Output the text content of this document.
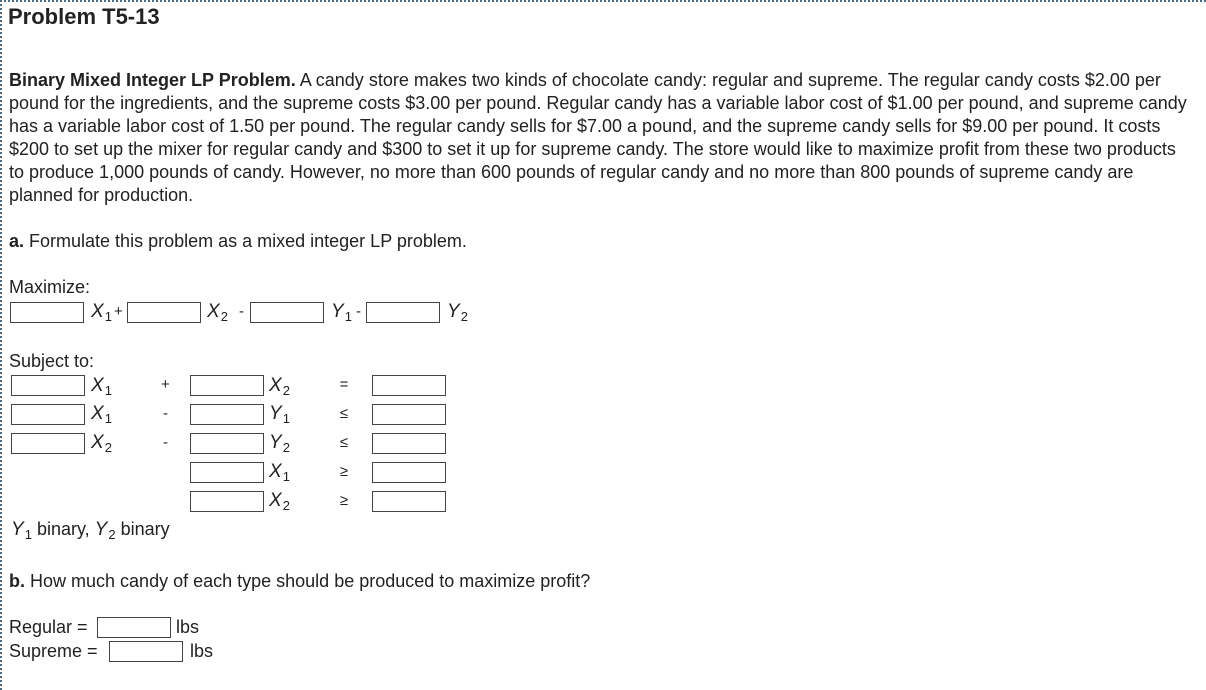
Problem T5-13
Binary Mixed Integer LP Problem. A candy store makes two kinds of chocolate candy: regular and supreme. The regular candy costs $2.00 per pound for the ingredients, and the supreme costs $3.00 per pound. Regular candy has a variable labor cost of $1.00 per pound, and supreme candy has a variable labor cost of 1.50 per pound. The regular candy sells for $7.00 a pound, and the supreme candy sells for $9.00 per pound. It costs $200 to set up the mixer for regular candy and $300 to set it up for supreme candy. The store would like to maximize profit from these two products to produce 1,000 pounds of candy. However, no more than 600 pounds of regular candy and no more than 800 pounds of supreme candy are planned for production.
a. Formulate this problem as a mixed integer LP problem.
Maximize:
$X_1$ +	$X_2$ -	$Y_1$ -	$Y_2$
Subject to:
$X_1$	+	$X_2$	=
$X_1$	-	$Y_1$	≤
$X_2$	-	$Y_2$	≤
$X_1$	≥
$X_2$	≥
$Y_1$ binary, $Y_2$ binary
b. How much candy of each type should be produced to maximize profit?
Regular =	lbs
Supreme =	lbs
